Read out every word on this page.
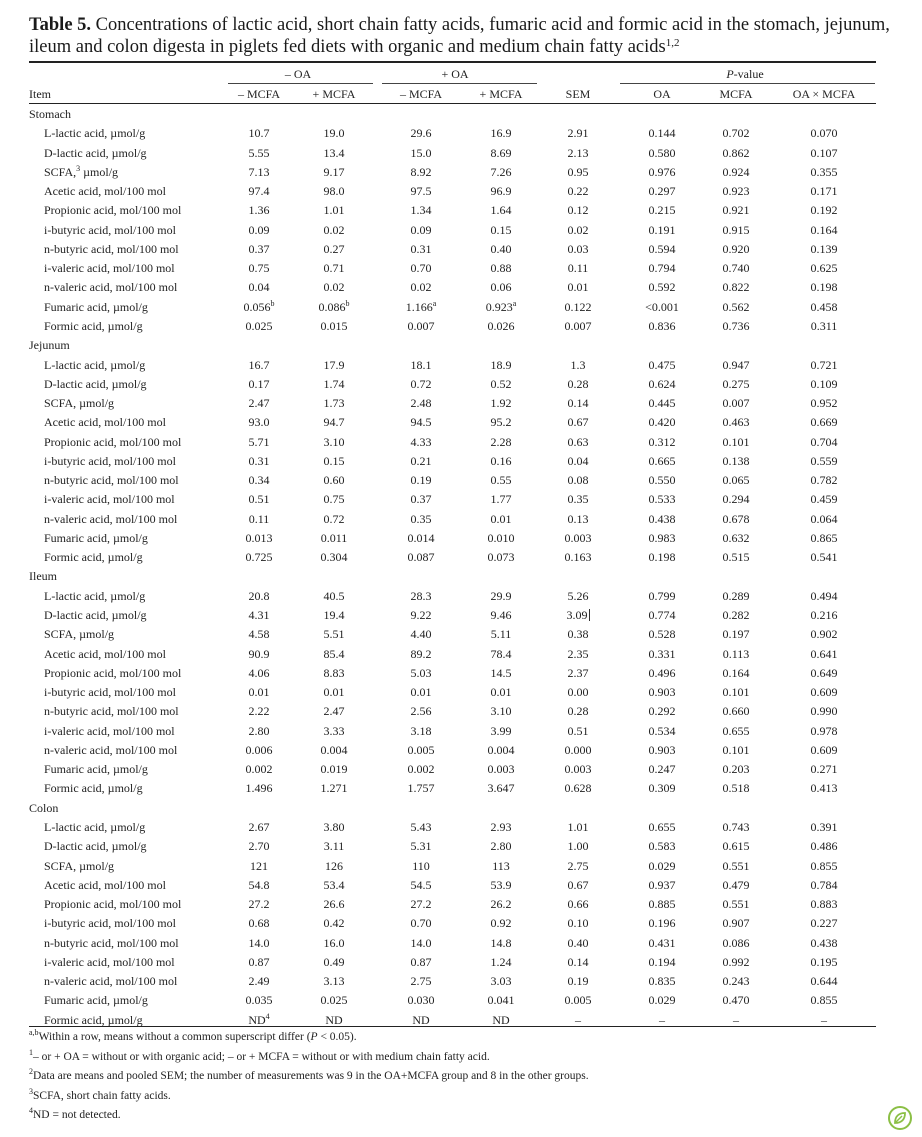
Table 5. Concentrations of lactic acid, short chain fatty acids, fumaric acid and formic acid in the stomach, jejunum, ileum and colon digesta in piglets fed diets with organic and medium chain fatty acids$^{1,2}$
– OA	+ OA	P-value
Item	– MCFA	+ MCFA	– MCFA	+ MCFA	SEM	OA	MCFA	OA × MCFA
Stomach
L-lactic acid, µmol/g	10.7	19.0	29.6	16.9	2.91	0.144	0.702	0.070
D-lactic acid, µmol/g	5.55	13.4	15.0	8.69	2.13	0.580	0.862	0.107
SCFA,$^3$ µmol/g	7.13	9.17	8.92	7.26	0.95	0.976	0.924	0.355
Acetic acid, mol/100 mol	97.4	98.0	97.5	96.9	0.22	0.297	0.923	0.171
Propionic acid, mol/100 mol	1.36	1.01	1.34	1.64	0.12	0.215	0.921	0.192
i-butyric acid, mol/100 mol	0.09	0.02	0.09	0.15	0.02	0.191	0.915	0.164
n-butyric acid, mol/100 mol	0.37	0.27	0.31	0.40	0.03	0.594	0.920	0.139
i-valeric acid, mol/100 mol	0.75	0.71	0.70	0.88	0.11	0.794	0.740	0.625
n-valeric acid, mol/100 mol	0.04	0.02	0.02	0.06	0.01	0.592	0.822	0.198
Fumaric acid, µmol/g	0.056$^b$	0.086$^b$	1.166$^a$	0.923$^a$	0.122	<0.001	0.562	0.458
Formic acid, µmol/g	0.025	0.015	0.007	0.026	0.007	0.836	0.736	0.311
Jejunum
L-lactic acid, µmol/g	16.7	17.9	18.1	18.9	1.3	0.475	0.947	0.721
D-lactic acid, µmol/g	0.17	1.74	0.72	0.52	0.28	0.624	0.275	0.109
SCFA, µmol/g	2.47	1.73	2.48	1.92	0.14	0.445	0.007	0.952
Acetic acid, mol/100 mol	93.0	94.7	94.5	95.2	0.67	0.420	0.463	0.669
Propionic acid, mol/100 mol	5.71	3.10	4.33	2.28	0.63	0.312	0.101	0.704
i-butyric acid, mol/100 mol	0.31	0.15	0.21	0.16	0.04	0.665	0.138	0.559
n-butyric acid, mol/100 mol	0.34	0.60	0.19	0.55	0.08	0.550	0.065	0.782
i-valeric acid, mol/100 mol	0.51	0.75	0.37	1.77	0.35	0.533	0.294	0.459
n-valeric acid, mol/100 mol	0.11	0.72	0.35	0.01	0.13	0.438	0.678	0.064
Fumaric acid, µmol/g	0.013	0.011	0.014	0.010	0.003	0.983	0.632	0.865
Formic acid, µmol/g	0.725	0.304	0.087	0.073	0.163	0.198	0.515	0.541
Ileum
L-lactic acid, µmol/g	20.8	40.5	28.3	29.9	5.26	0.799	0.289	0.494
D-lactic acid, µmol/g	4.31	19.4	9.22	9.46	3.09	0.774	0.282	0.216
SCFA, µmol/g	4.58	5.51	4.40	5.11	0.38	0.528	0.197	0.902
Acetic acid, mol/100 mol	90.9	85.4	89.2	78.4	2.35	0.331	0.113	0.641
Propionic acid, mol/100 mol	4.06	8.83	5.03	14.5	2.37	0.496	0.164	0.649
i-butyric acid, mol/100 mol	0.01	0.01	0.01	0.01	0.00	0.903	0.101	0.609
n-butyric acid, mol/100 mol	2.22	2.47	2.56	3.10	0.28	0.292	0.660	0.990
i-valeric acid, mol/100 mol	2.80	3.33	3.18	3.99	0.51	0.534	0.655	0.978
n-valeric acid, mol/100 mol	0.006	0.004	0.005	0.004	0.000	0.903	0.101	0.609
Fumaric acid, µmol/g	0.002	0.019	0.002	0.003	0.003	0.247	0.203	0.271
Formic acid, µmol/g	1.496	1.271	1.757	3.647	0.628	0.309	0.518	0.413
Colon
L-lactic acid, µmol/g	2.67	3.80	5.43	2.93	1.01	0.655	0.743	0.391
D-lactic acid, µmol/g	2.70	3.11	5.31	2.80	1.00	0.583	0.615	0.486
SCFA, µmol/g	121	126	110	113	2.75	0.029	0.551	0.855
Acetic acid, mol/100 mol	54.8	53.4	54.5	53.9	0.67	0.937	0.479	0.784
Propionic acid, mol/100 mol	27.2	26.6	27.2	26.2	0.66	0.885	0.551	0.883
i-butyric acid, mol/100 mol	0.68	0.42	0.70	0.92	0.10	0.196	0.907	0.227
n-butyric acid, mol/100 mol	14.0	16.0	14.0	14.8	0.40	0.431	0.086	0.438
i-valeric acid, mol/100 mol	0.87	0.49	0.87	1.24	0.14	0.194	0.992	0.195
n-valeric acid, mol/100 mol	2.49	3.13	2.75	3.03	0.19	0.835	0.243	0.644
Fumaric acid, µmol/g	0.035	0.025	0.030	0.041	0.005	0.029	0.470	0.855
Formic acid, µmol/g	$ND^4$	ND	ND	ND	–	–	–	–
$^{a,b}$Within a row, means without a common superscript differ (P < 0.05).
$^1$– or + OA = without or with organic acid; – or + MCFA = without or with medium chain fatty acid.
$^2$Data are means and pooled SEM; the number of measurements was 9 in the OA+MCFA group and 8 in the other groups.
$^3$SCFA, short chain fatty acids.
$^4$ND = not detected.
